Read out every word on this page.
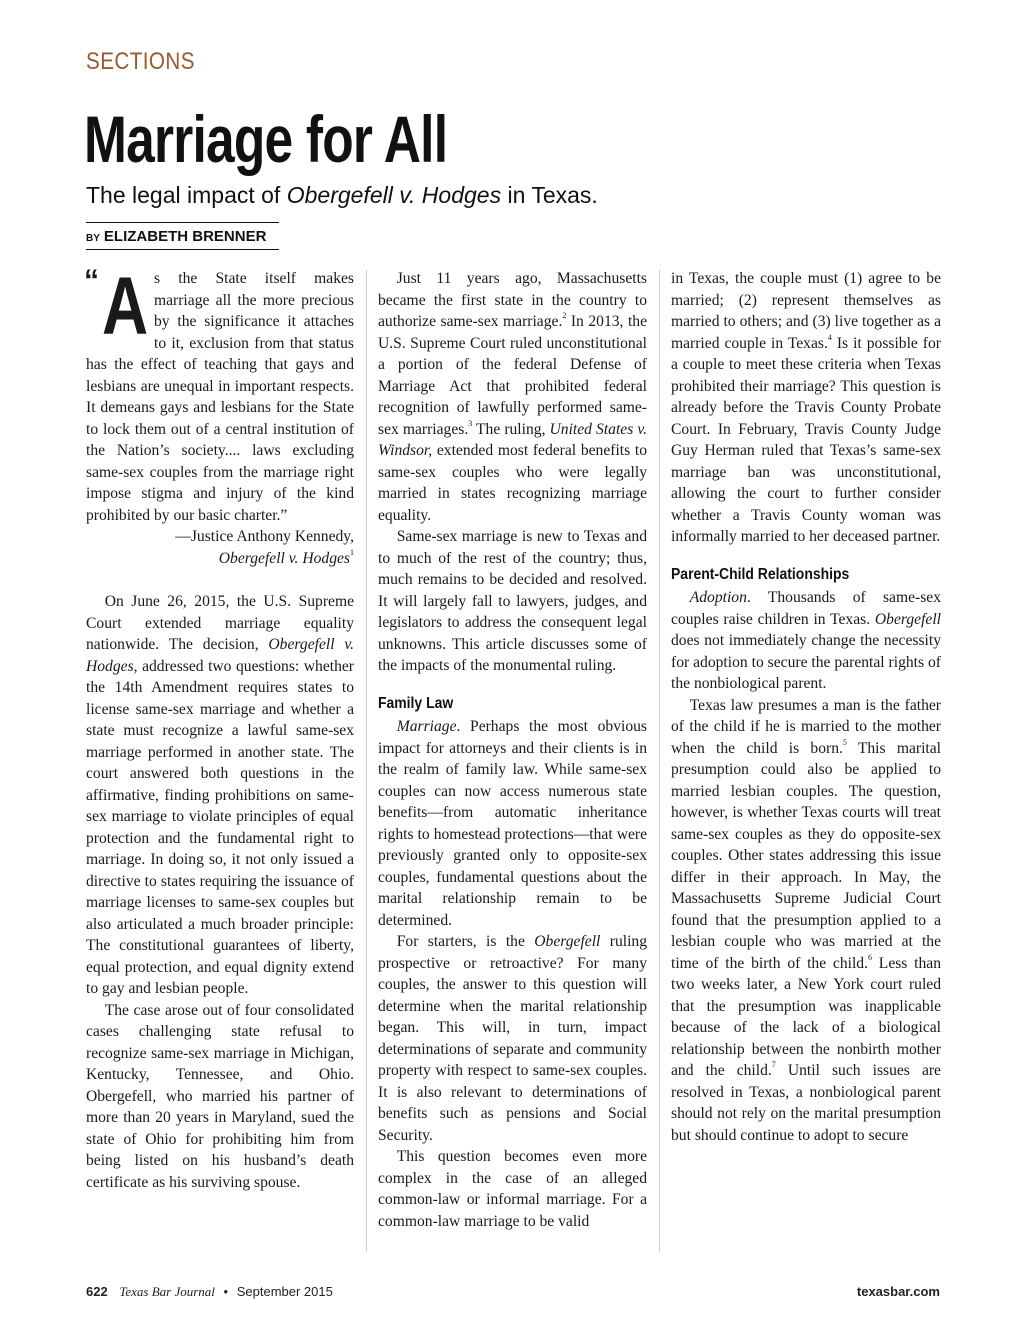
SECTIONS
Marriage for All
The legal impact of Obergefell v. Hodges in Texas.
BY ELIZABETH BRENNER
“ A s the State itself makes marriage all the more precious by the significance it attaches to it, exclusion from that status has the effect of teaching that gays and lesbians are unequal in important respects. It demeans gays and lesbians for the State to lock them out of a central institution of the Nation’s society.... laws excluding same-sex couples from the marriage right impose stigma and injury of the kind prohibited by our basic charter.”

—Justice Anthony Kennedy,

Obergefell v. Hodges$^1$

On June 26, 2015, the U.S. Supreme Court extended marriage equality nationwide. The decision, Obergefell v. Hodges, addressed two questions: whether the 14th Amendment requires states to license same-sex marriage and whether a state must recognize a lawful same-sex marriage performed in another state. The court answered both questions in the affirmative, finding prohibitions on same-sex marriage to violate principles of equal protection and the fundamental right to marriage. In doing so, it not only issued a directive to states requiring the issuance of marriage licenses to same-sex couples but also articulated a much broader principle: The constitutional guarantees of liberty, equal protection, and equal dignity extend to gay and lesbian people.

The case arose out of four consolidated cases challenging state refusal to recognize same-sex marriage in Michigan, Kentucky, Tennessee, and Ohio. Obergefell, who married his partner of more than 20 years in Maryland, sued the state of Ohio for prohibiting him from being listed on his husband’s death certificate as his surviving spouse.

Just 11 years ago, Massachusetts became the first state in the country to authorize same-sex marriage.$^2$ In 2013, the U.S. Supreme Court ruled unconstitutional a portion of the federal Defense of Marriage Act that prohibited federal recognition of lawfully performed same-sex marriages.$^3$ The ruling, United States v. Windsor, extended most federal benefits to same-sex couples who were legally married in states recognizing marriage equality.

Same-sex marriage is new to Texas and to much of the rest of the country; thus, much remains to be decided and resolved. It will largely fall to lawyers, judges, and legislators to address the consequent legal unknowns. This article discusses some of the impacts of the monumental ruling.

Family Law

Marriage. Perhaps the most obvious impact for attorneys and their clients is in the realm of family law. While same-sex couples can now access numerous state benefits—from automatic inheritance rights to homestead protections—that were previously granted only to opposite-sex couples, fundamental questions about the marital relationship remain to be determined.

For starters, is the Obergefell ruling prospective or retroactive? For many couples, the answer to this question will determine when the marital relationship began. This will, in turn, impact determinations of separate and community property with respect to same-sex couples. It is also relevant to determinations of benefits such as pensions and Social Security.

This question becomes even more complex in the case of an alleged common-law or informal marriage. For a common-law marriage to be valid

in Texas, the couple must (1) agree to be married; (2) represent themselves as married to others; and (3) live together as a married couple in Texas.$^4$ Is it possible for a couple to meet these criteria when Texas prohibited their marriage? This question is already before the Travis County Probate Court. In February, Travis County Judge Guy Herman ruled that Texas’s same-sex marriage ban was unconstitutional, allowing the court to further consider whether a Travis County woman was informally married to her deceased partner.

Parent-Child Relationships

Adoption. Thousands of same-sex couples raise children in Texas. Obergefell does not immediately change the necessity for adoption to secure the parental rights of the nonbiological parent.

Texas law presumes a man is the father of the child if he is married to the mother when the child is born.$^5$ This marital presumption could also be applied to married lesbian couples. The question, however, is whether Texas courts will treat same-sex couples as they do opposite-sex couples. Other states addressing this issue differ in their approach. In May, the Massachusetts Supreme Judicial Court found that the presumption applied to a lesbian couple who was married at the time of the birth of the child.$^6$ Less than two weeks later, a New York court ruled that the presumption was inapplicable because of the lack of a biological relationship between the nonbirth mother and the child.$^7$ Until such issues are resolved in Texas, a nonbiological parent should not rely on the marital presumption but should continue to adopt to secure

622 Texas Bar Journal • September 2015	texasbar.com
